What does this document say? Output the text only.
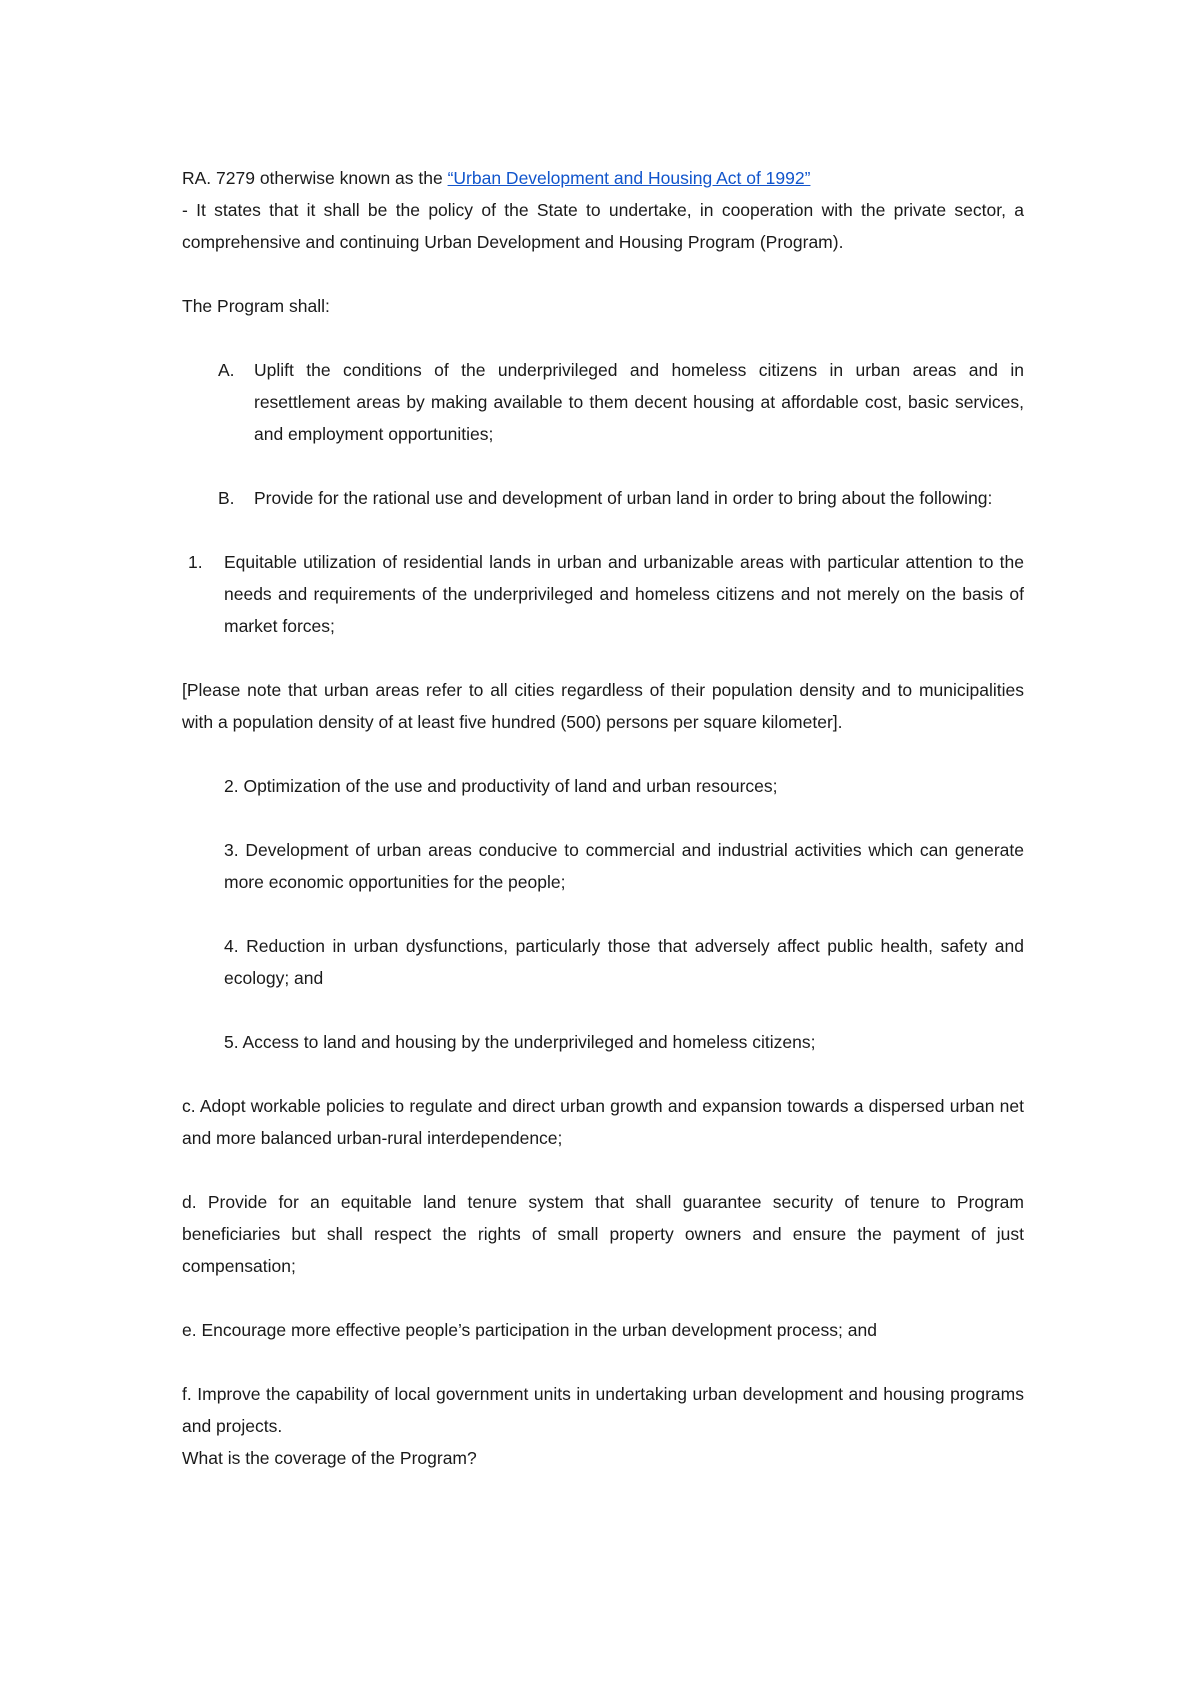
RA. 7279 otherwise known as the “Urban Development and Housing Act of 1992”

- It states that it shall be the policy of the State to undertake, in cooperation with the private sector, a comprehensive and continuing Urban Development and Housing Program (Program).

The Program shall:

A. Uplift the conditions of the underprivileged and homeless citizens in urban areas and in resettlement areas by making available to them decent housing at affordable cost, basic services, and employment opportunities;
B. Provide for the rational use and development of urban land in order to bring about the following:
1. Equitable utilization of residential lands in urban and urbanizable areas with particular attention to the needs and requirements of the underprivileged and homeless citizens and not merely on the basis of market forces;

[Please note that urban areas refer to all cities regardless of their population density and to municipalities with a population density of at least five hundred (500) persons per square kilometer].

2. Optimization of the use and productivity of land and urban resources;

3. Development of urban areas conducive to commercial and industrial activities which can generate more economic opportunities for the people;

4. Reduction in urban dysfunctions, particularly those that adversely affect public health, safety and ecology; and

5. Access to land and housing by the underprivileged and homeless citizens;

c. Adopt workable policies to regulate and direct urban growth and expansion towards a dispersed urban net and more balanced urban-rural interdependence;

d. Provide for an equitable land tenure system that shall guarantee security of tenure to Program beneficiaries but shall respect the rights of small property owners and ensure the payment of just compensation;

e. Encourage more effective people’s participation in the urban development process; and

f. Improve the capability of local government units in undertaking urban development and housing programs and projects.

What is the coverage of the Program?
